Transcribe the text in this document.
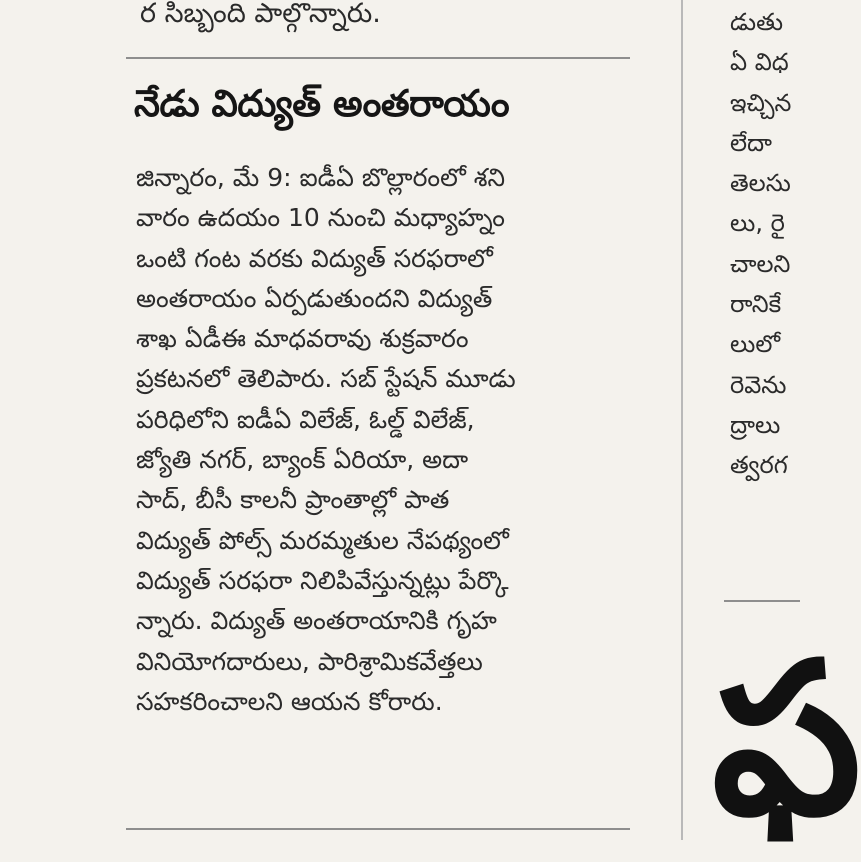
ర సిబ్బంది పాల్గొన్నారు.
నేడు విద్యుత్ అంతరాయం
జిన్నారం, మే 9: ఐడీఏ బొల్లారంలో శని
వారం ఉదయం 10 నుంచి మధ్యాహ్నం
ఒంటి గంట వరకు విద్యుత్ సరఫరాలో
అంతరాయం ఏర్పడుతుందని విద్యుత్
శాఖ ఏడీఈ మాధవరావు శుక్రవారం
ప్రకటనలో తెలిపారు. సబ్ స్టేషన్ మూడు
పరిధిలోని ఐడీఏ విలేజ్, ఓల్డ్ విలేజ్,
జ్యోతి నగర్, బ్యాంక్ ఏరియా, అదా
సాద్, బీసీ కాలనీ ప్రాంతాల్లో పాత
విద్యుత్ పోల్స్ మరమ్మతుల నేపథ్యంలో
విద్యుత్ సరఫరా నిలిపివేస్తున్నట్లు పేర్కొ
న్నారు. విద్యుత్ అంతరాయానికి గృహ
వినియోగదారులు, పారిశ్రామికవేత్తలు
సహకరించాలని ఆయన కోరారు.
డుతు
ఏ విధ
ఇచ్చిన
లేదా
తెలసు
లు, రై
చాలని
రానికే
లులో
రెవెను
ద్రాలు
త్వరగ
ఫ
